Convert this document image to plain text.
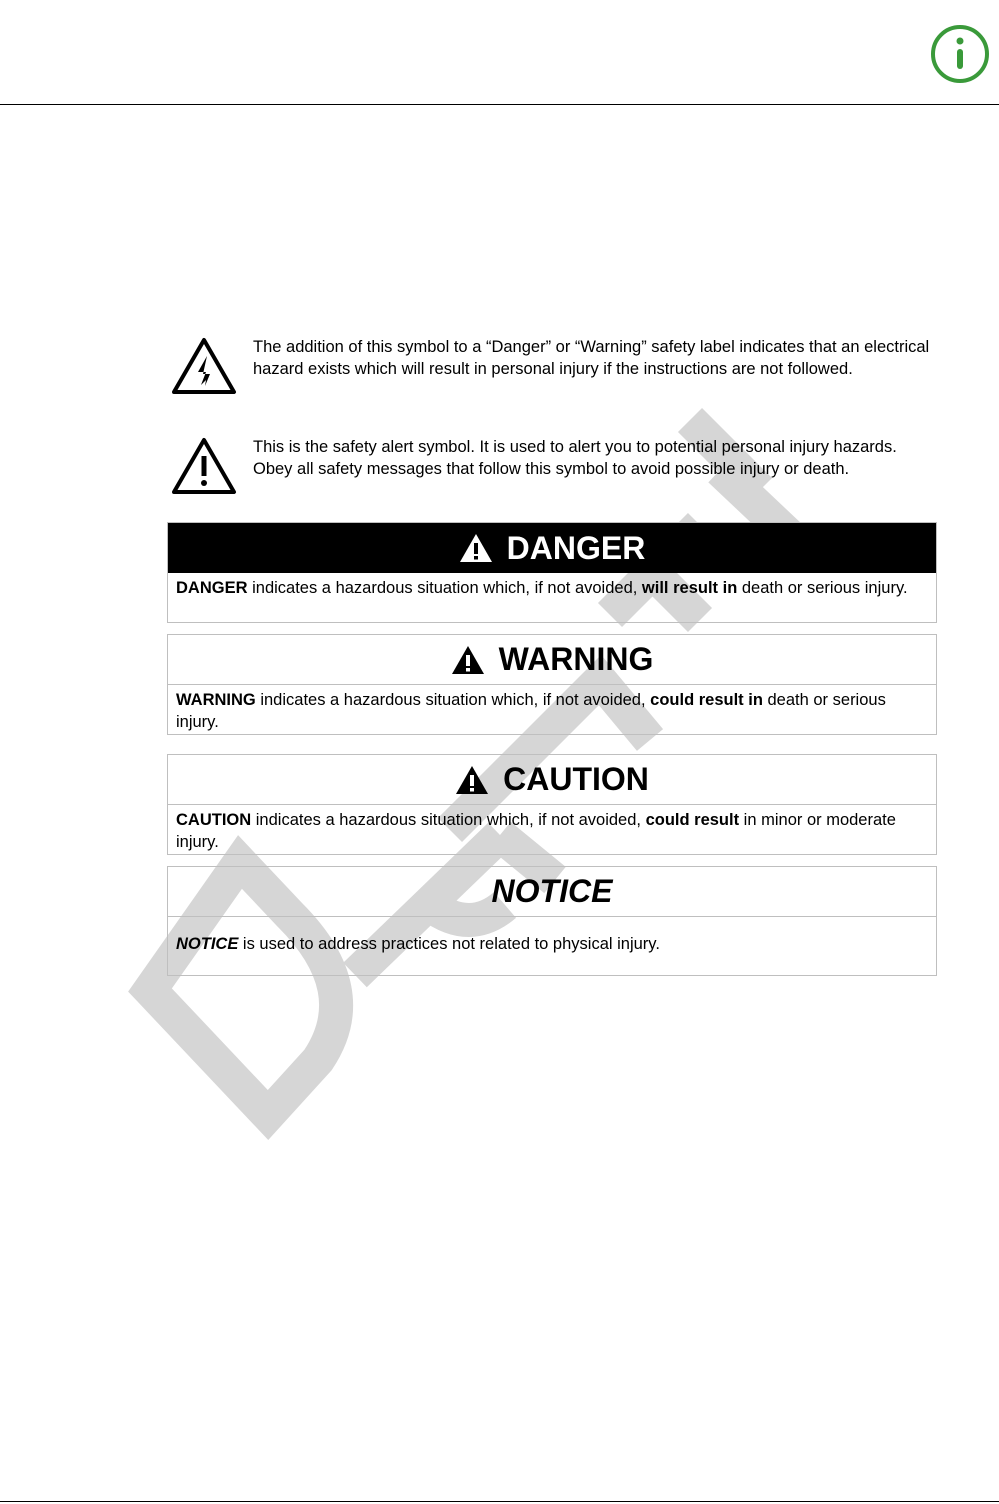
The addition of this symbol to a “Danger” or “Warning” safety label indicates that an electrical hazard exists which will result in personal injury if the instructions are not followed.
This is the safety alert symbol. It is used to alert you to potential personal injury hazards. Obey all safety messages that follow this symbol to avoid possible injury or death.
DANGER
DANGER indicates a hazardous situation which, if not avoided, will result in death or serious injury.
WARNING
WARNING indicates a hazardous situation which, if not avoided, could result in death or serious injury.
CAUTION
CAUTION indicates a hazardous situation which, if not avoided, could result in minor or moderate injury.
NOTICE
NOTICE is used to address practices not related to physical injury.
